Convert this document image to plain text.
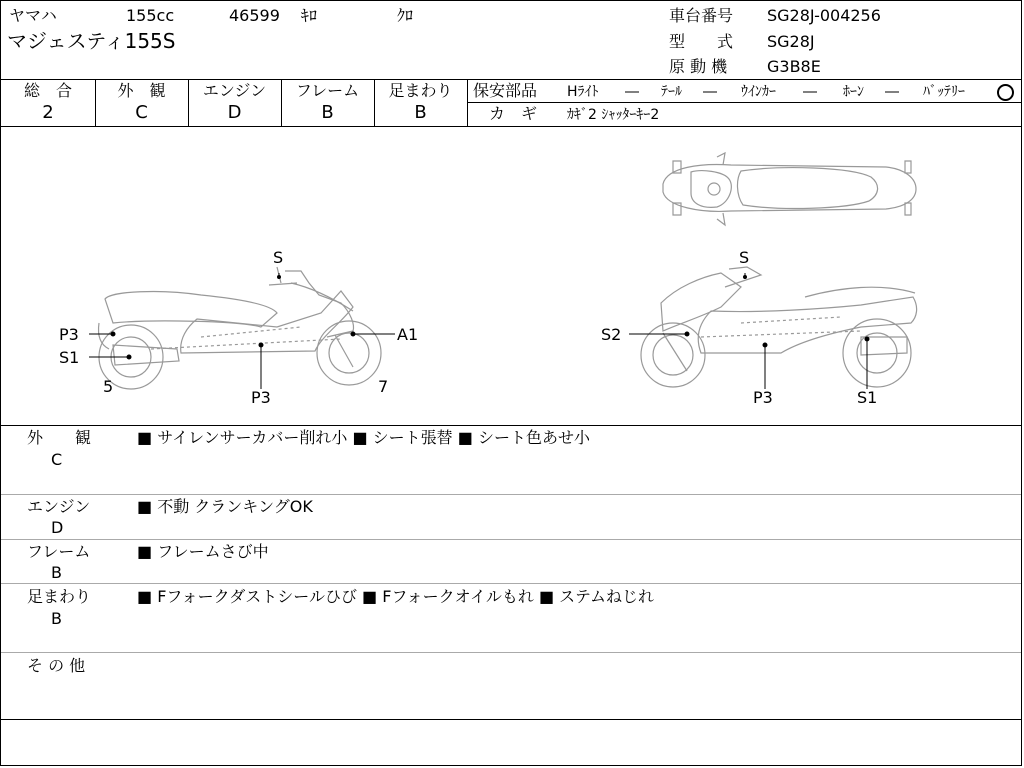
ヤマハ	155cc	46599 ｷﾛ	ｸﾛ
マジェスティ155S
車台番号 SG28J-004256
型　　式 SG28J
原 動 機 G3B8E
総　合
2
外　観
C
エンジン
D
フレーム
B
足まわり
B
保安部品 Hﾗｲﾄ ― ﾃｰﾙ ― ｳｲﾝｶｰ ― ﾎｰﾝ ― ﾊﾞｯﾃﾘｰ
カ　ギ ｶｷﾞ2 ｼｬｯﾀｰｷｰ2
S
P3
S1
A1
P3
5	7
S
S2
P3	S1
外　　観
C
■ サイレンサーカバー削れ小 ■ シート張替 ■ シート色あせ小
エンジン
D
■ 不動 クランキングOK
フレーム
B
■ フレームさび中
足まわり
B
■ Fフォークダストシールひび ■ Fフォークオイルもれ ■ ステムねじれ
そ の 他
